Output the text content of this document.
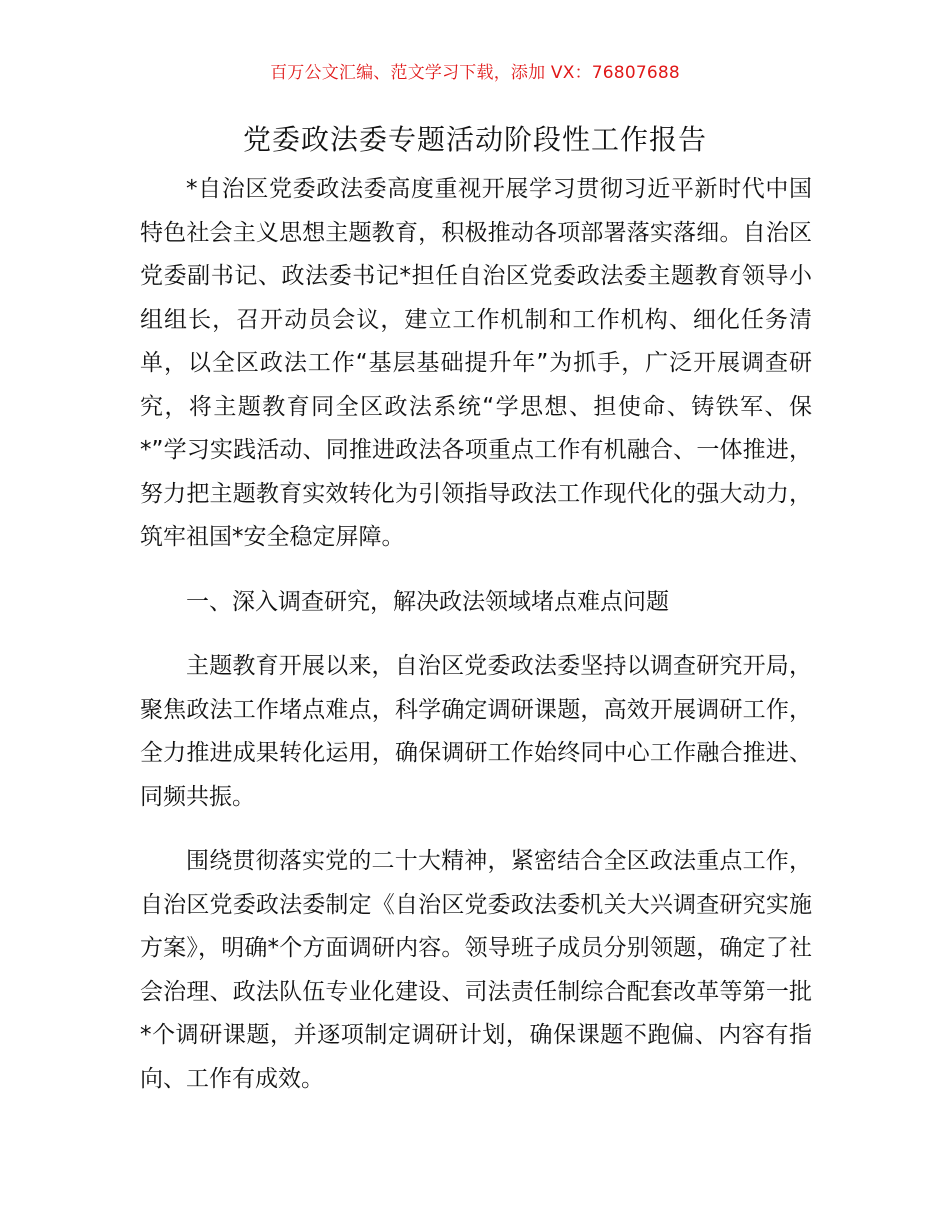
百万公文汇编、范文学习下载，添加 VX：76807688
党委政法委专题活动阶段性工作报告

*自治区党委政法委高度重视开展学习贯彻习近平新时代中国特色社会主义思想主题教育，积极推动各项部署落实落细。自治区党委副书记、政法委书记*担任自治区党委政法委主题教育领导小组组长，召开动员会议，建立工作机制和工作机构、细化任务清单，以全区政法工作“基层基础提升年”为抓手，广泛开展调查研究，将主题教育同全区政法系统“学思想、担使命、铸铁军、保*”学习实践活动、同推进政法各项重点工作有机融合、一体推进，努力把主题教育实效转化为引领指导政法工作现代化的强大动力，筑牢祖国*安全稳定屏障。

一、深入调查研究，解决政法领域堵点难点问题

主题教育开展以来，自治区党委政法委坚持以调查研究开局，聚焦政法工作堵点难点，科学确定调研课题，高效开展调研工作，全力推进成果转化运用，确保调研工作始终同中心工作融合推进、同频共振。

围绕贯彻落实党的二十大精神，紧密结合全区政法重点工作，自治区党委政法委制定《自治区党委政法委机关大兴调查研究实施方案》，明确*个方面调研内容。领导班子成员分别领题，确定了社会治理、政法队伍专业化建设、司法责任制综合配套改革等第一批*个调研课题，并逐项制定调研计划，确保课题不跑偏、内容有指向、工作有成效。
